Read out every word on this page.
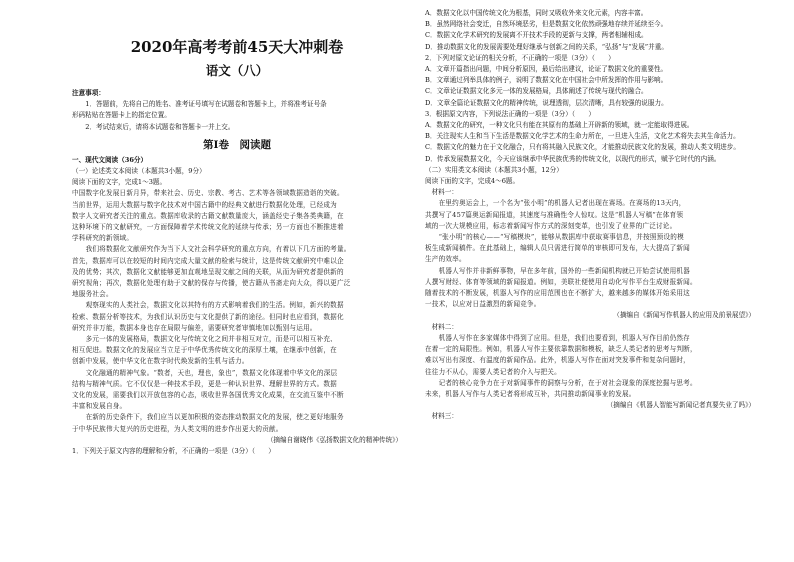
2020年高考考前45天大冲刺卷
语文（八）

注意事项：

1．答题前，先将自己的姓名、准考证号填写在试题卷和答题卡上，并将准考证号条

形码粘贴在答题卡上的指定位置。

2．考试结束后，请将本试题卷和答题卡一并上交。

第Ⅰ卷　阅读题

一、现代文阅读（36分）

（一）论述类文本阅读（本题共3小题，9分）

阅读下面的文字，完成1～3题。

中国数字化发展日新月异，带来社会、历史、宗教、考古、艺术等各领域数据造诣的突破。

当前世界，运用大数据与数字化技术对中国古籍中的经典文献进行数据化处理，已经成为

数字人文研究者关注的重点。数据库收录的古籍文献数量庞大，涵盖经史子集各类典籍，在

这种环境下的文献研究，一方面保障着学术传统文化的延续与传承；另一方面也不断推进着

学科研究的新领域。

　　我们将数据化文献研究作为当下人文社会科学研究的重点方向，有着以下几方面的考量。

首先，数据库可以在较短的时间内完成大量文献的检索与统计，这是传统文献研究中难以企

及的优势；其次，数据化文献能够更加直观地呈现文献之间的关联，从而为研究者提供新的

研究视角；再次，数据化处理有助于文献的保存与传播，使古籍从书斋走向大众，得以更广泛

地服务社会。

　　观察现实的人类社会，数据文化以其特有的方式影响着我们的生活。例如，新兴的数据

检索、数据分析等技术，为我们认识历史与文化提供了新的途径。但同时也应看到，数据化

研究并非万能，数据本身也存在局限与偏差，需要研究者审慎地加以甄别与运用。

　　多元一体的发展格局，数据文化与传统文化之间并非相互对立，而是可以相互补充、

相互促进。数据文化的发展应当立足于中华优秀传统文化的深厚土壤，在继承中创新，在

创新中发展，使中华文化在数字时代焕发新的生机与活力。

　　文化融通的精神气象。“数者，天也，理也，象也”，数据文化体现着中华文化的深层

结构与精神气质。它不仅仅是一种技术手段，更是一种认识世界、理解世界的方式。数据

文化的发展，需要我们以开放包容的心态，吸收世界各国优秀文化成果，在交流互鉴中不断

丰富和发展自身。

　　在新的历史条件下，我们应当以更加积极的姿态推动数据文化的发展，使之更好地服务

于中华民族伟大复兴的历史进程，为人类文明的进步作出更大的贡献。

（摘编自谢晓伟《弘扬数据文化的精神传统》）

1．下列关于原文内容的理解和分析，不正确的一项是（3分）（　　）

A．数据文化以中国传统文化为根基，同时又吸收外来文化元素，内容丰富。

B．虽然网络社会变迁，自然环境恶劣，但是数据文化依然顽强地存续并延续至今。

C．数据文化学术研究的发展离不开技术手段的更新与支撑，两者相辅相成。

D．推动数据文化的发展需要处理好继承与创新之间的关系，“弘扬”与“发展”并重。

2．下列对原文论证的相关分析，不正确的一项是（3分）（　　）

A．文章开篇指出问题，中间分析原因，最后给出建议，论证了数据文化的重要性。

B．文章通过列举具体的例子，说明了数据文化在中国社会中所发挥的作用与影响。

C．文章论证数据文化多元一体的发展格局，具体阐述了传统与现代的融合。

D．文章全篇论证数据文化的精神传统，说理透彻，层次清晰，具有较强的说服力。

3．根据原文内容，下列说法正确的一项是（3分）（　　）

A．数据文化的研究，一种文化只有能在其原有的基础上开辟新的领域，就一定能取得进展。

B．关注现实人生和当下生活是数据文化学艺术的生命力所在，一旦进入生活，文化艺术将失去其生命活力。

C．数据文化的魅力在于文化融合，只有将其融入民族文化，才能推动民族文化的发展，推动人类文明进步。

D．传承发展数据文化，今天应该继承中华民族优秀的传统文化，以现代的形式，赋予它时代的内涵。

（二）实用类文本阅读（本题共3小题，12分）

阅读下面的文字，完成4～6题。

材料一：

　　在里约奥运会上，一个名为“张小明”的机器人记者出现在赛场。在赛场的13天内，

共撰写了457篇奥运新闻报道，其速度与准确性令人惊叹。这是“机器人写稿”在体育领

域的一次大规模应用，标志着新闻写作方式的深刻变革，也引发了业界的广泛讨论。

　　“张小明”的核心——“写稿模块”，能够从数据库中获取赛事信息，并按照预设的模

板生成新闻稿件。在此基础上，编辑人员只需进行简单的审核即可发布，大大提高了新闻

生产的效率。

　　机器人写作并非新鲜事物，早在多年前，国外的一些新闻机构就已开始尝试使用机器

人撰写财经、体育等领域的新闻报道。例如，美联社便使用自动化写作平台生成财报新闻。

随着技术的不断发展，机器人写作的应用范围也在不断扩大，越来越多的媒体开始采用这

一技术，以应对日益激烈的新闻竞争。

（摘编自《新闻写作机器人的应用及前景展望》）

材料二：

　　机器人写作在多家媒体中得到了应用。但是，我们也要看到，机器人写作目前仍然存

在着一定的局限性。例如，机器人写作主要依靠数据和模板，缺乏人类记者的思考与判断，

难以写出有深度、有温度的新闻作品。此外，机器人写作在面对突发事件和复杂问题时，

往往力不从心，需要人类记者的介入与把关。

　　记者的核心竞争力在于对新闻事件的洞察与分析，在于对社会现象的深度挖掘与思考。

未来，机器人写作与人类记者将形成互补，共同推动新闻事业的发展。

（摘编自《机器人智能写新闻记者真要失业了吗》）

材料三：
